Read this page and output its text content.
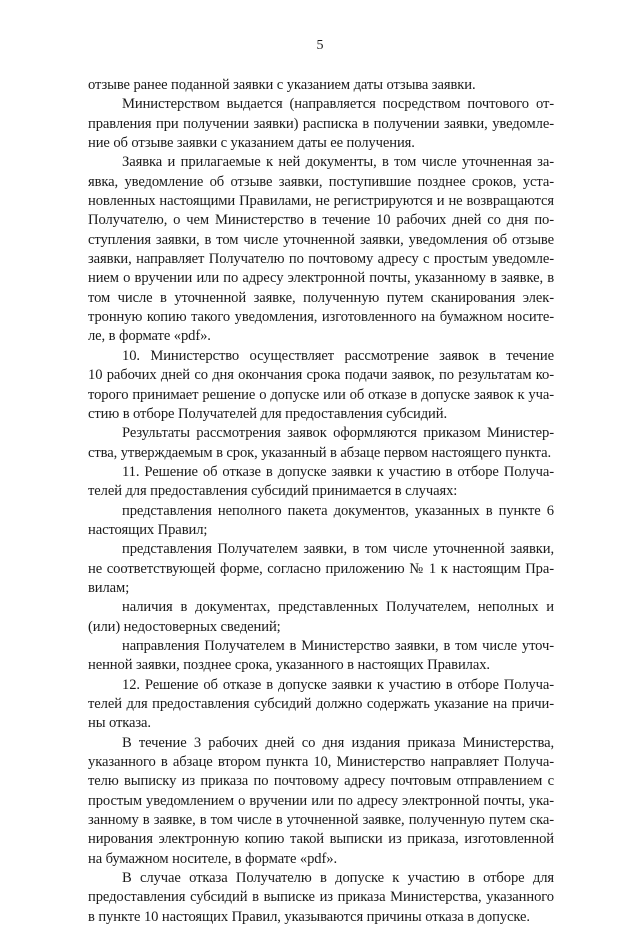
5
отзыве ранее поданной заявки с указанием даты отзыва заявки.
Министерством выдается (направляется посредством почтового от-
правления при получении заявки) расписка в получении заявки, уведомле-
ние об отзыве заявки с указанием даты ее получения.
Заявка и прилагаемые к ней документы, в том числе уточненная за-
явка, уведомление об отзыве заявки, поступившие позднее сроков, уста-
новленных настоящими Правилами, не регистрируются и не возвращаются
Получателю, о чем Министерство в течение 10 рабочих дней со дня по-
ступления заявки, в том числе уточненной заявки, уведомления об отзыве
заявки, направляет Получателю по почтовому адресу с простым уведомле-
нием о вручении или по адресу электронной почты, указанному в заявке, в
том числе в уточненной заявке, полученную путем сканирования элек-
тронную копию такого уведомления, изготовленного на бумажном носите-
ле, в формате «pdf».
10. Министерство осуществляет рассмотрение заявок в течение
10 рабочих дней со дня окончания срока подачи заявок, по результатам ко-
торого принимает решение о допуске или об отказе в допуске заявок к уча-
стию в отборе Получателей для предоставления субсидий.
Результаты рассмотрения заявок оформляются приказом Министер-
ства, утверждаемым в срок, указанный в абзаце первом настоящего пункта.
11. Решение об отказе в допуске заявки к участию в отборе Получа-
телей для предоставления субсидий принимается в случаях:
представления неполного пакета документов, указанных в пункте 6
настоящих Правил;
представления Получателем заявки, в том числе уточненной заявки,
не соответствующей форме, согласно приложению № 1 к настоящим Пра-
вилам;
наличия в документах, представленных Получателем, неполных и
(или) недостоверных сведений;
направления Получателем в Министерство заявки, в том числе уточ-
ненной заявки, позднее срока, указанного в настоящих Правилах.
12. Решение об отказе в допуске заявки к участию в отборе Получа-
телей для предоставления субсидий должно содержать указание на причи-
ны отказа.
В течение 3 рабочих дней со дня издания приказа Министерства,
указанного в абзаце втором пункта 10, Министерство направляет Получа-
телю выписку из приказа по почтовому адресу почтовым отправлением с
простым уведомлением о вручении или по адресу электронной почты, ука-
занному в заявке, в том числе в уточненной заявке, полученную путем ска-
нирования электронную копию такой выписки из приказа, изготовленной
на бумажном носителе, в формате «pdf».
В случае отказа Получателю в допуске к участию в отборе для
предоставления субсидий в выписке из приказа Министерства, указанного
в пункте 10 настоящих Правил, указываются причины отказа в допуске.
